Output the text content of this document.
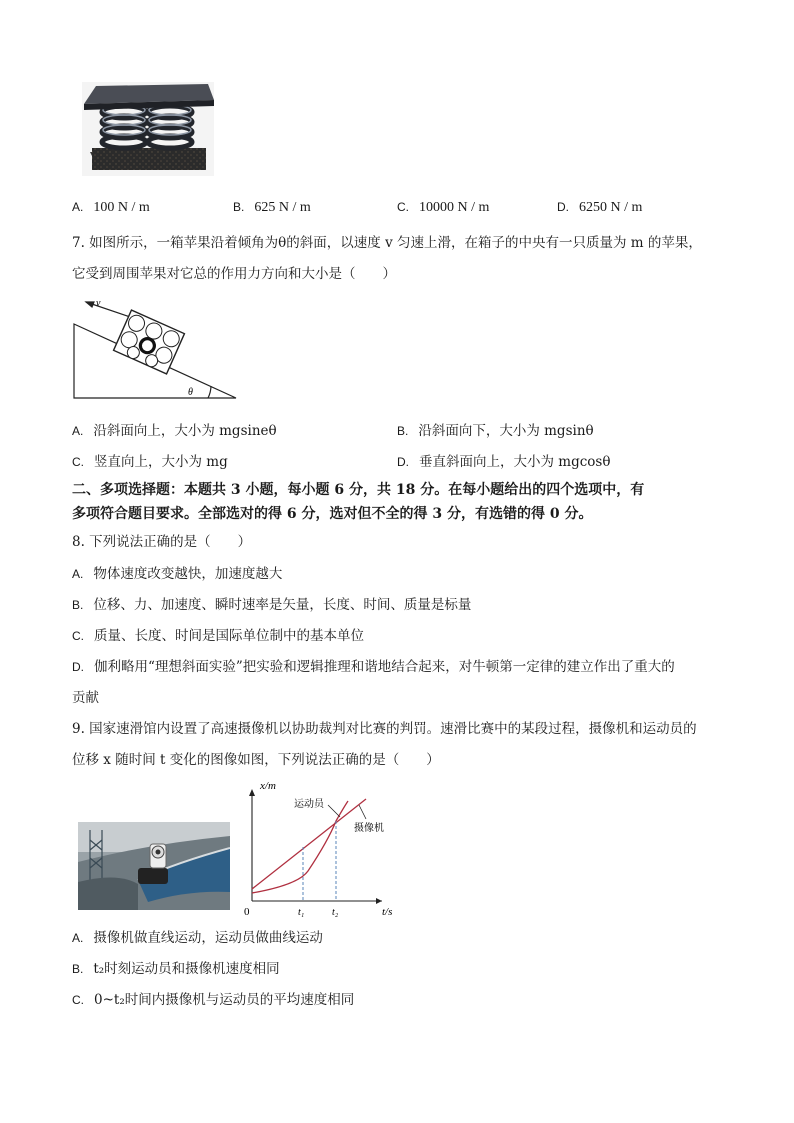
A. 100 N / m	B. 625 N / m	C. 10000 N / m	D. 6250 N / m
7. 如图所示，一箱苹果沿着倾角为θ的斜面，以速度 v 匀速上滑，在箱子的中央有一只质量为 m 的苹果，
它受到周围苹果对它总的作用力方向和大小是（　　）
v
θ
A. 沿斜面向上，大小为 mgsineθ	B. 沿斜面向下，大小为 mgsinθ
C. 竖直向上，大小为 mg	D. 垂直斜面向上，大小为 mgcosθ
二、多项选择题：本题共 3 小题，每小题 6 分，共 18 分。在每小题给出的四个选项中，有
多项符合题目要求。全部选对的得 6 分，选对但不全的得 3 分，有选错的得 0 分。
8. 下列说法正确的是（　　）
A. 物体速度改变越快，加速度越大
B. 位移、力、加速度、瞬时速率是矢量，长度、时间、质量是标量
C. 质量、长度、时间是国际单位制中的基本单位
D. 伽利略用“理想斜面实验”把实验和逻辑推理和谐地结合起来，对牛顿第一定律的建立作出了重大的
贡献
9. 国家速滑馆内设置了高速摄像机以协助裁判对比赛的判罚。速滑比赛中的某段过程，摄像机和运动员的
位移 x 随时间 t 变化的图像如图，下列说法正确的是（　　）
x/m
t/s
0	t₁	t₂
运动员
摄像机
A. 摄像机做直线运动，运动员做曲线运动
B. t₂时刻运动员和摄像机速度相同
C. 0~t₂时间内摄像机与运动员的平均速度相同
